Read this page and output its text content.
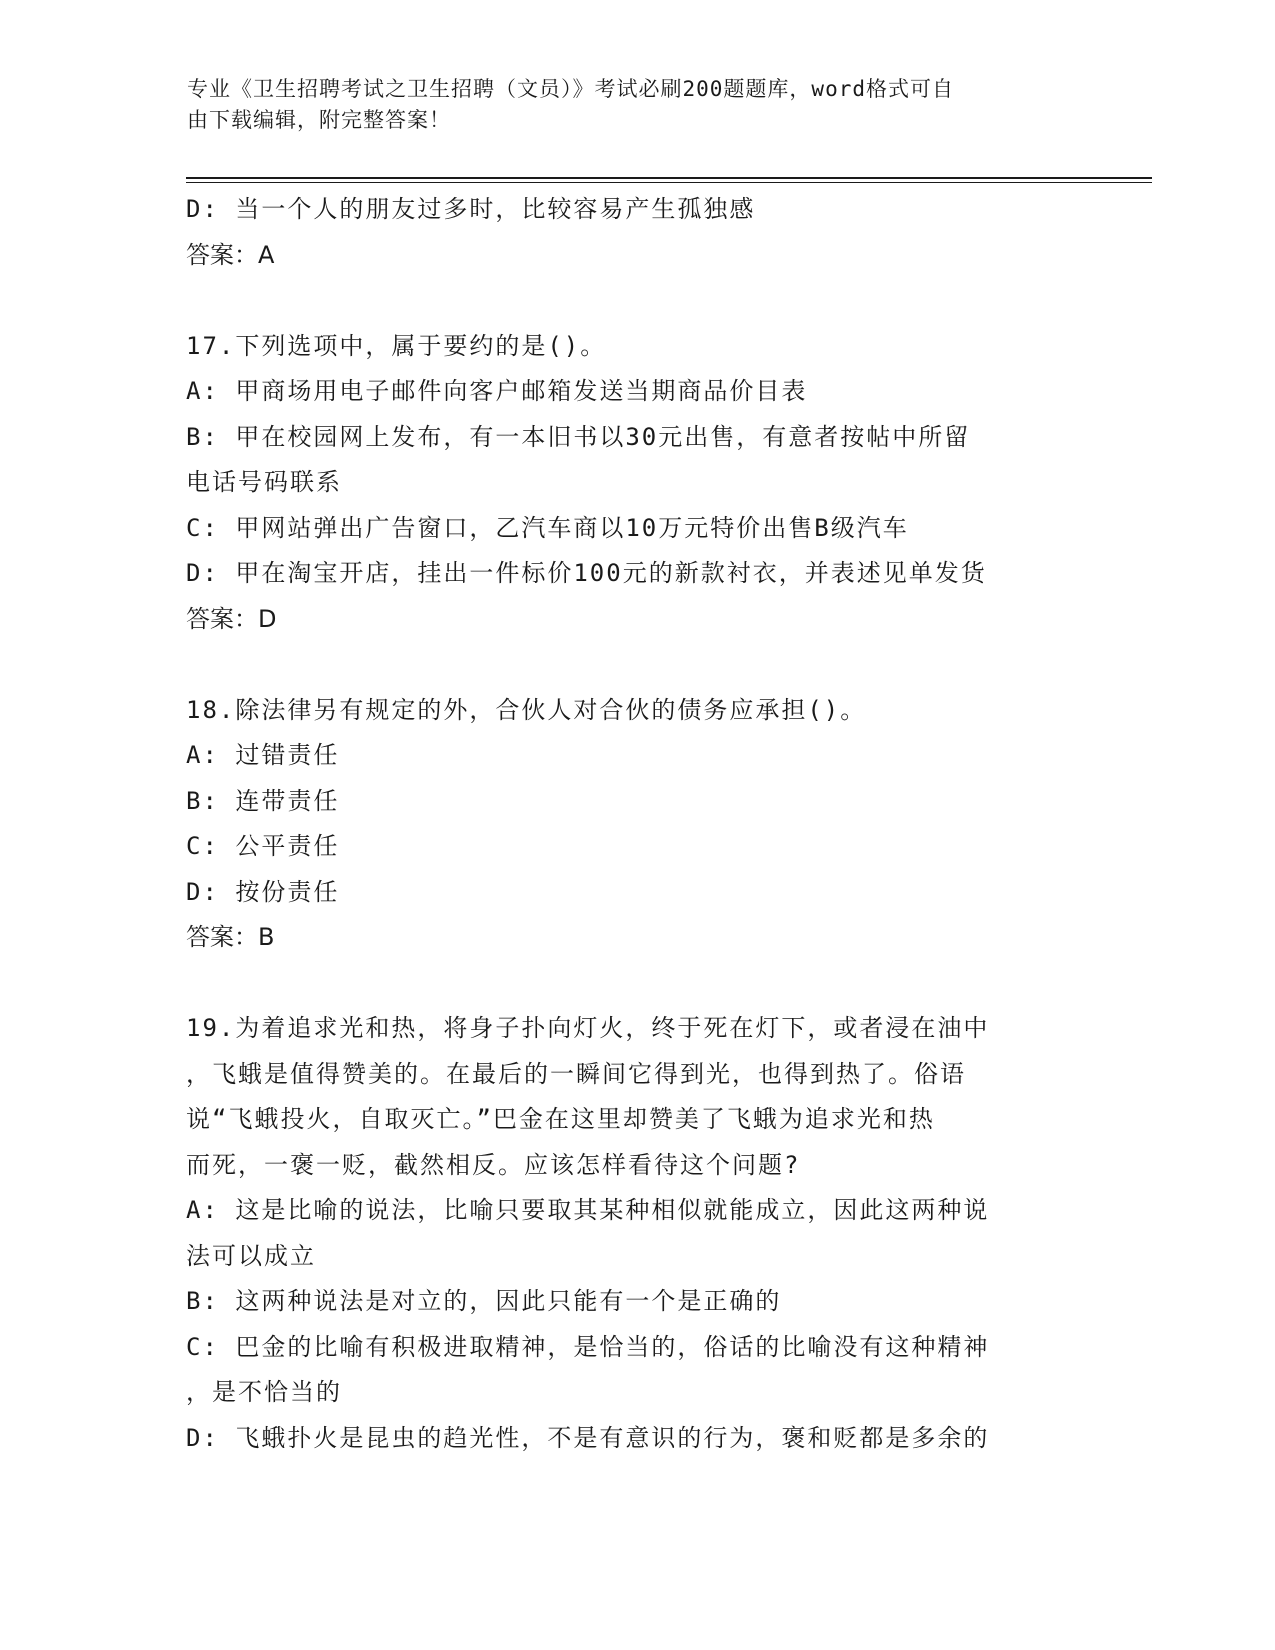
专业《卫生招聘考试之卫生招聘（文员）》考试必刷200题题库，word格式可自
由下载编辑，附完整答案！
D: 当一个人的朋友过多时，比较容易产生孤独感
答案：A
17.下列选项中，属于要约的是()。
A: 甲商场用电子邮件向客户邮箱发送当期商品价目表
B: 甲在校园网上发布，有一本旧书以30元出售，有意者按帖中所留
电话号码联系
C: 甲网站弹出广告窗口，乙汽车商以10万元特价出售B级汽车
D: 甲在淘宝开店，挂出一件标价100元的新款衬衣，并表述见单发货
答案：D
18.除法律另有规定的外，合伙人对合伙的债务应承担()。
A: 过错责任
B: 连带责任
C: 公平责任
D: 按份责任
答案：B
19.为着追求光和热，将身子扑向灯火，终于死在灯下，或者浸在油中
，飞蛾是值得赞美的。在最后的一瞬间它得到光，也得到热了。俗语
说“飞蛾投火，自取灭亡。”巴金在这里却赞美了飞蛾为追求光和热
而死，一褒一贬，截然相反。应该怎样看待这个问题?
A: 这是比喻的说法，比喻只要取其某种相似就能成立，因此这两种说
法可以成立
B: 这两种说法是对立的，因此只能有一个是正确的
C: 巴金的比喻有积极进取精神，是恰当的，俗话的比喻没有这种精神
，是不恰当的
D: 飞蛾扑火是昆虫的趋光性，不是有意识的行为，褒和贬都是多余的
